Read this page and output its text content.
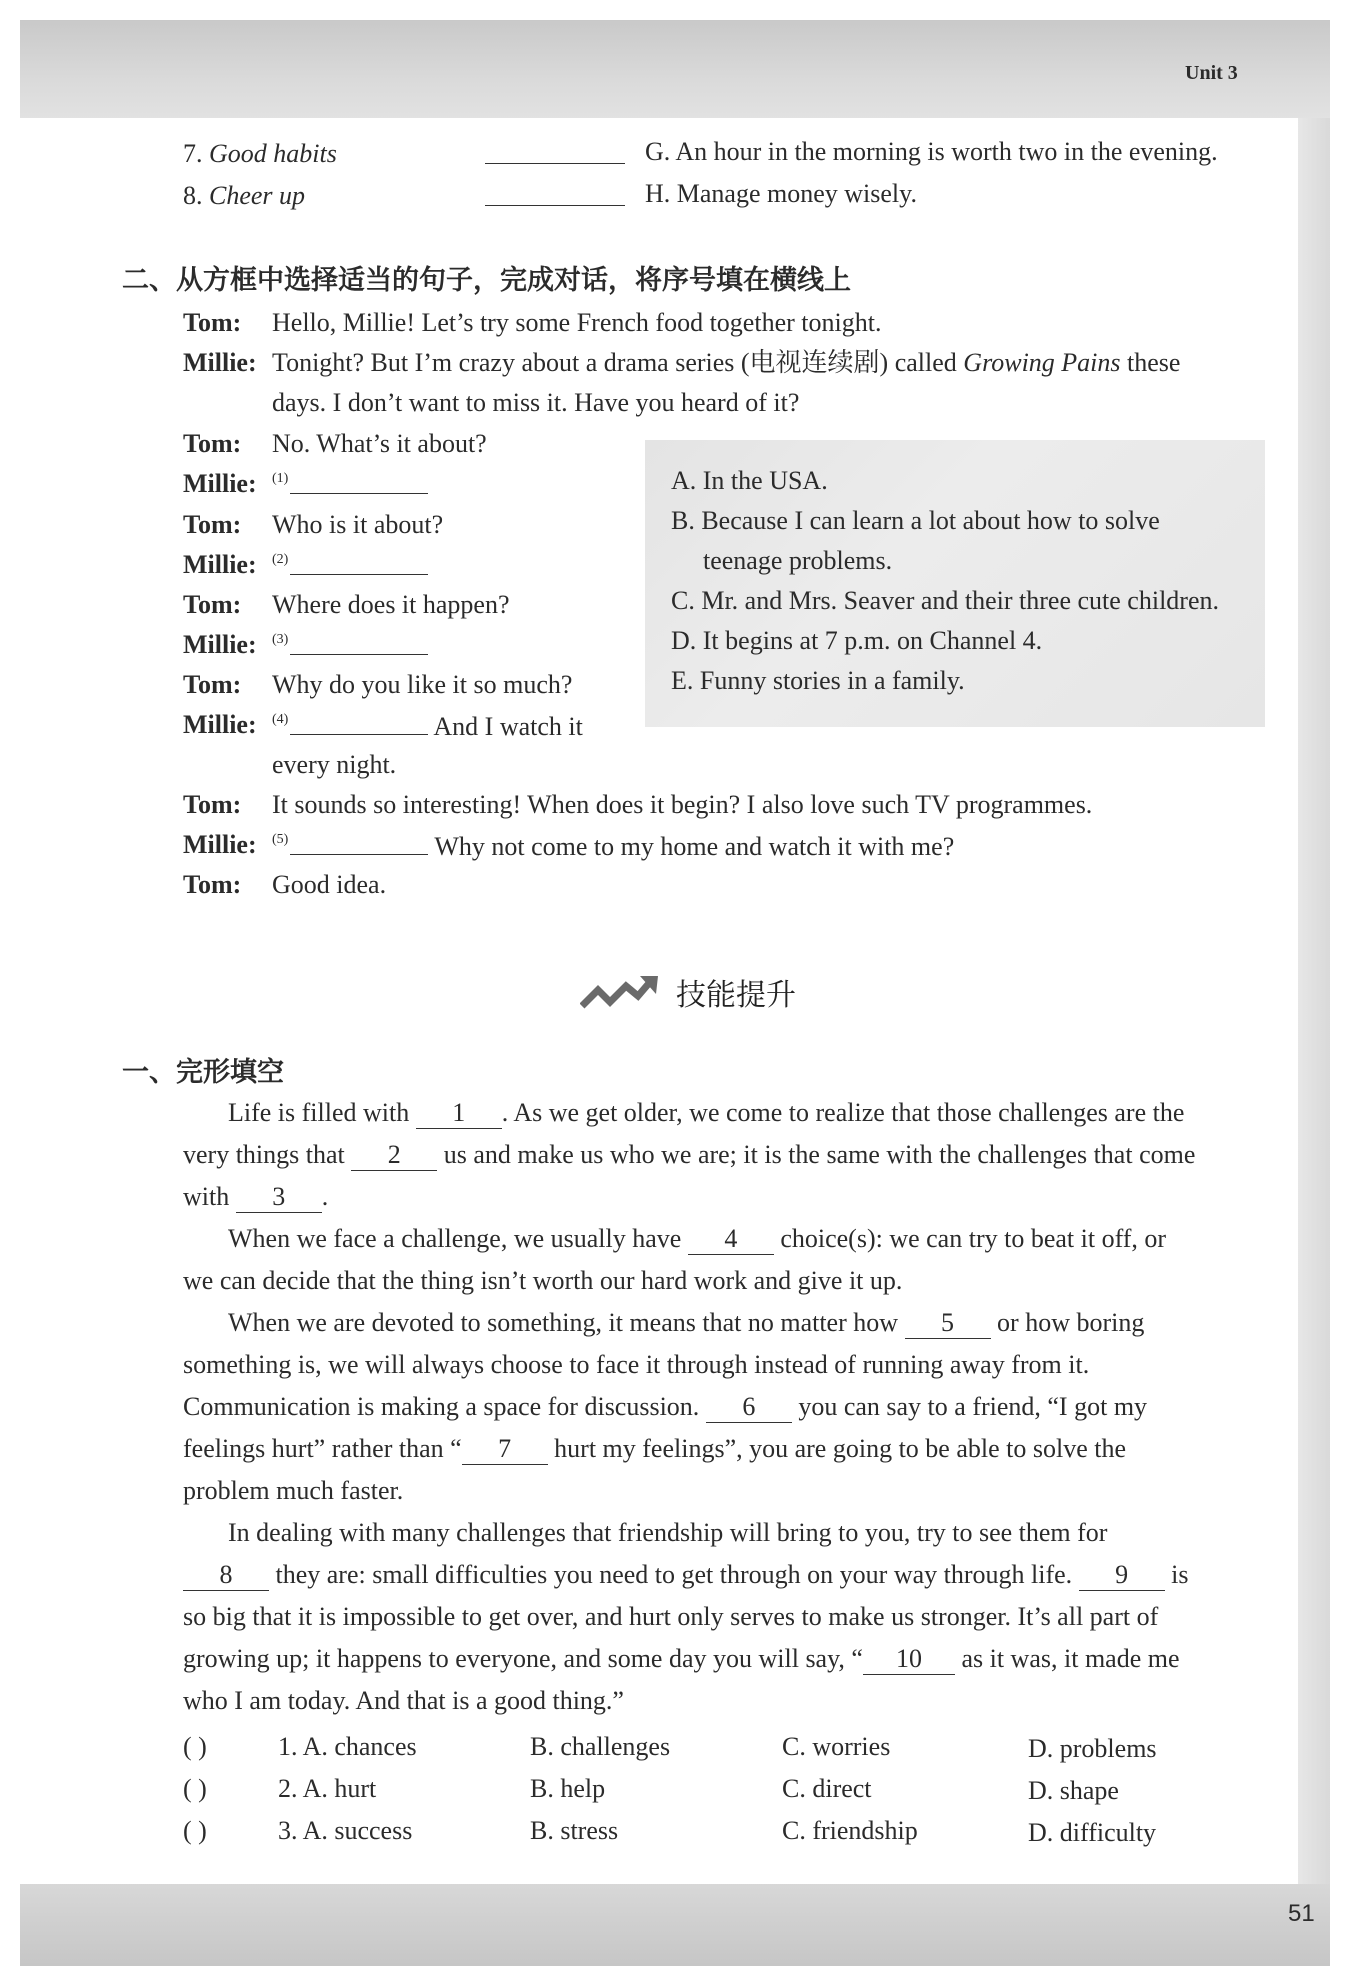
Unit 3
7. Good habits	G. An hour in the morning is worth two in the evening.
8. Cheer up	H. Manage money wisely.
二、从方框中选择适当的句子，完成对话，将序号填在横线上
Tom: Hello, Millie! Let’s try some French food together tonight.
Millie: Tonight? But I’m crazy about a drama series (电视连续剧) called Growing Pains these
days. I don’t want to miss it. Have you heard of it?
Tom: No. What’s it about?
Millie: $^{(1)}$
Tom: Who is it about?
Millie: $^{(2)}$
Tom: Where does it happen?
Millie: $^{(3)}$
Tom: Why do you like it so much?
Millie: $^{(4)}$	And I watch it
every night.
Tom: It sounds so interesting! When does it begin? I also love such TV programmes.
Millie: $^{(5)}$	Why not come to my home and watch it with me?
Tom: Good idea.
A. In the USA.
B. Because I can learn a lot about how to solve
teenage problems.
C. Mr. and Mrs. Seaver and their three cute children.
D. It begins at 7 p.m. on Channel 4.
E. Funny stories in a family.
技能提升
一、完形填空
Life is filled with 1 . As we get older, we come to realize that those challenges are the
very things that 2 us and make us who we are; it is the same with the challenges that come
with 3 .
When we face a challenge, we usually have 4 choice(s): we can try to beat it off, or
we can decide that the thing isn’t worth our hard work and give it up.
When we are devoted to something, it means that no matter how 5 or how boring
something is, we will always choose to face it through instead of running away from it.
Communication is making a space for discussion. 6 you can say to a friend, “I got my
feelings hurt” rather than “ 7 hurt my feelings”, you are going to be able to solve the
problem much faster.
In dealing with many challenges that friendship will bring to you, try to see them for
8 they are: small difficulties you need to get through on your way through life. 9 is
so big that it is impossible to get over, and hurt only serves to make us stronger. It’s all part of
growing up; it happens to everyone, and some day you will say, “ 10 as it was, it made me
who I am today. And that is a good thing.”
( )	1. A. chances	B. challenges	C. worries	D. problems
( )	2. A. hurt	B. help	C. direct	D. shape
( )	3. A. success	B. stress	C. friendship	D. difficulty
51
